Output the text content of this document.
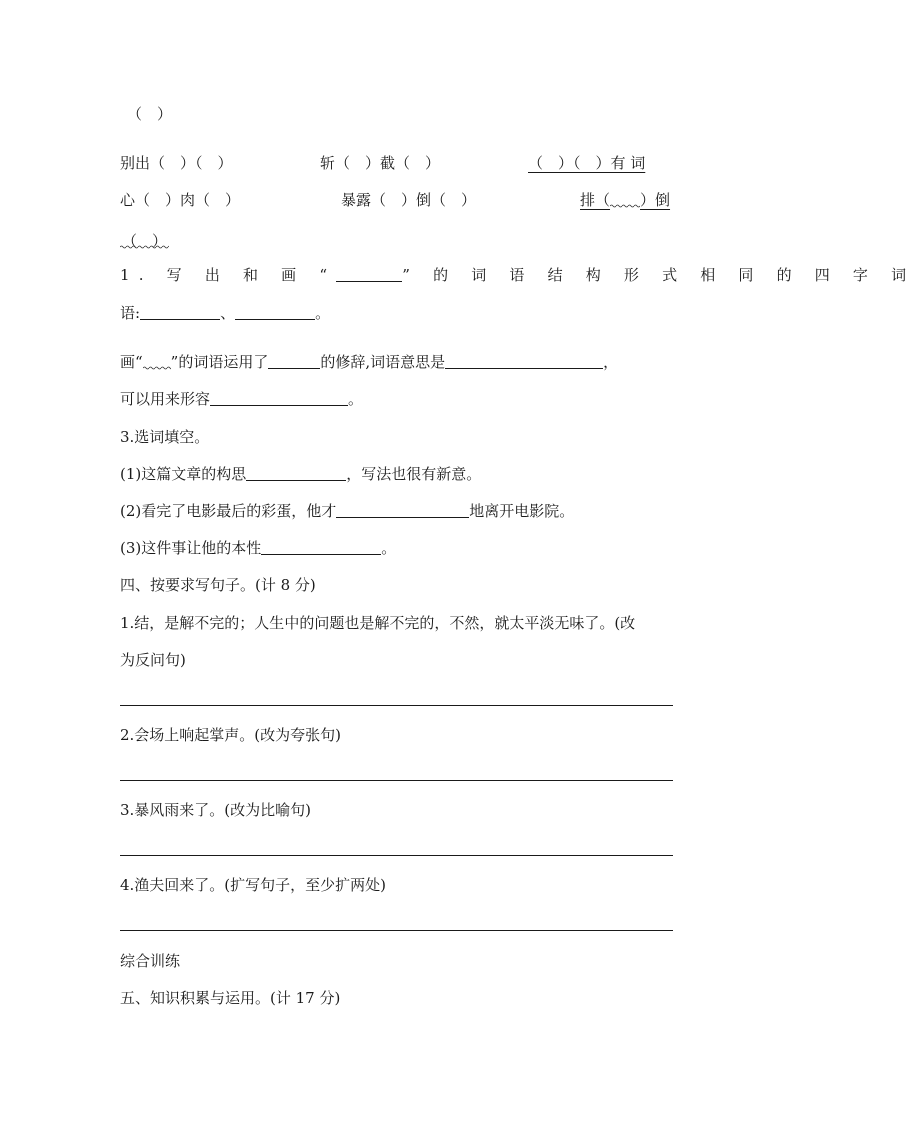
（　）
别出（　）（　）	斩（　）截（　）	（　）（　）有 词
心（　）肉（　）	暴露（　）倒（　）	排（ ）倒
（　）
1. 写 出 和 画 “	” 的 词 语 结 构 形 式 相 同 的 四 字 词
语:	、	。
画“ ”的词语运用了	的修辞,词语意思是	，
可以用来形容	。
3.选词填空。
(1)这篇文章的构思	，写法也很有新意。
(2)看完了电影最后的彩蛋，他才	地离开电影院。
(3)这件事让他的本性	。
四、按要求写句子。(计 8 分)
1.结，是解不完的；人生中的问题也是解不完的，不然，就太平淡无味了。(改
为反问句)
2.会场上响起掌声。(改为夸张句)
3.暴风雨来了。(改为比喻句)
4.渔夫回来了。(扩写句子，至少扩两处)
综合训练
五、知识积累与运用。(计 17 分)
